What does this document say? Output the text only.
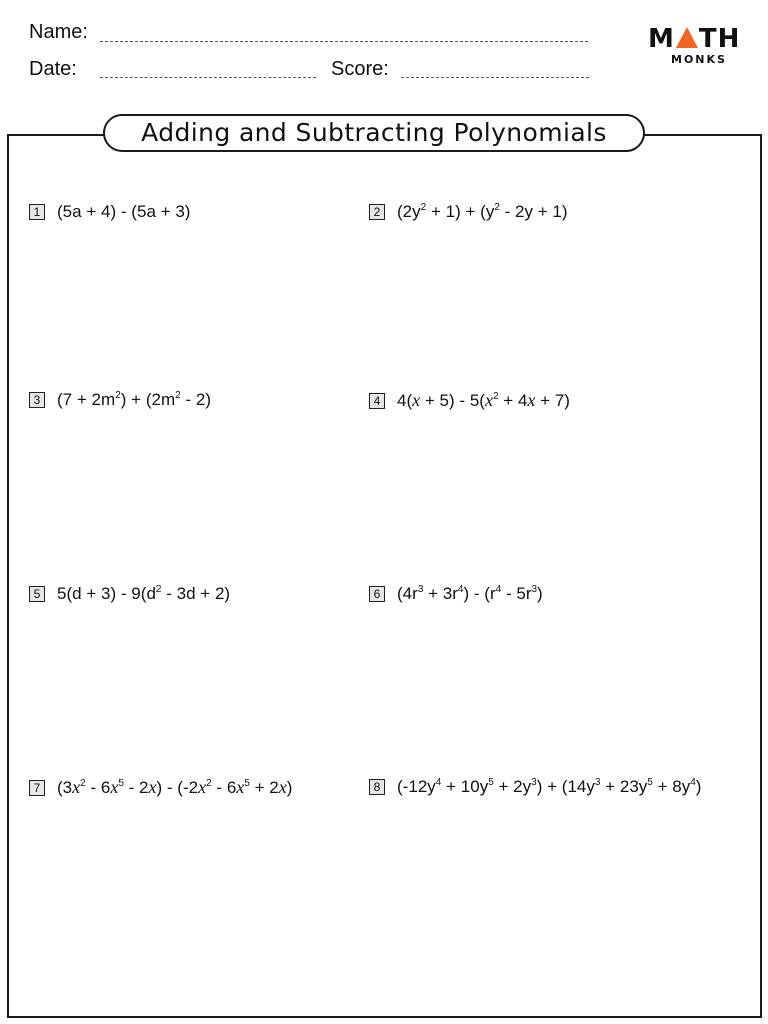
Name:
Date:	Score:
M TH
MONKS
Adding and Subtracting Polynomials
1 (5a + 4) - (5a + 3)	2 $(2y^2 + 1) + (y^2 - 2y + 1)$
3 $(7 + 2m^2) + (2m^2 - 2)$	4 $4(x + 5) - 5(x^2 + 4x + 7)$
5 $5(d + 3) - 9(d^2 - 3d + 2)$	6 $(4r^3 + 3r^4) - (r^4 - 5r^3)$
7 $(3x^2 - 6x^5 - 2x) - (-2x^2 - 6x^5 + 2x)$	8 $(-12y^4 + 10y^5 + 2y^3) + (14y^3 + 23y^5 + 8y^4)$
